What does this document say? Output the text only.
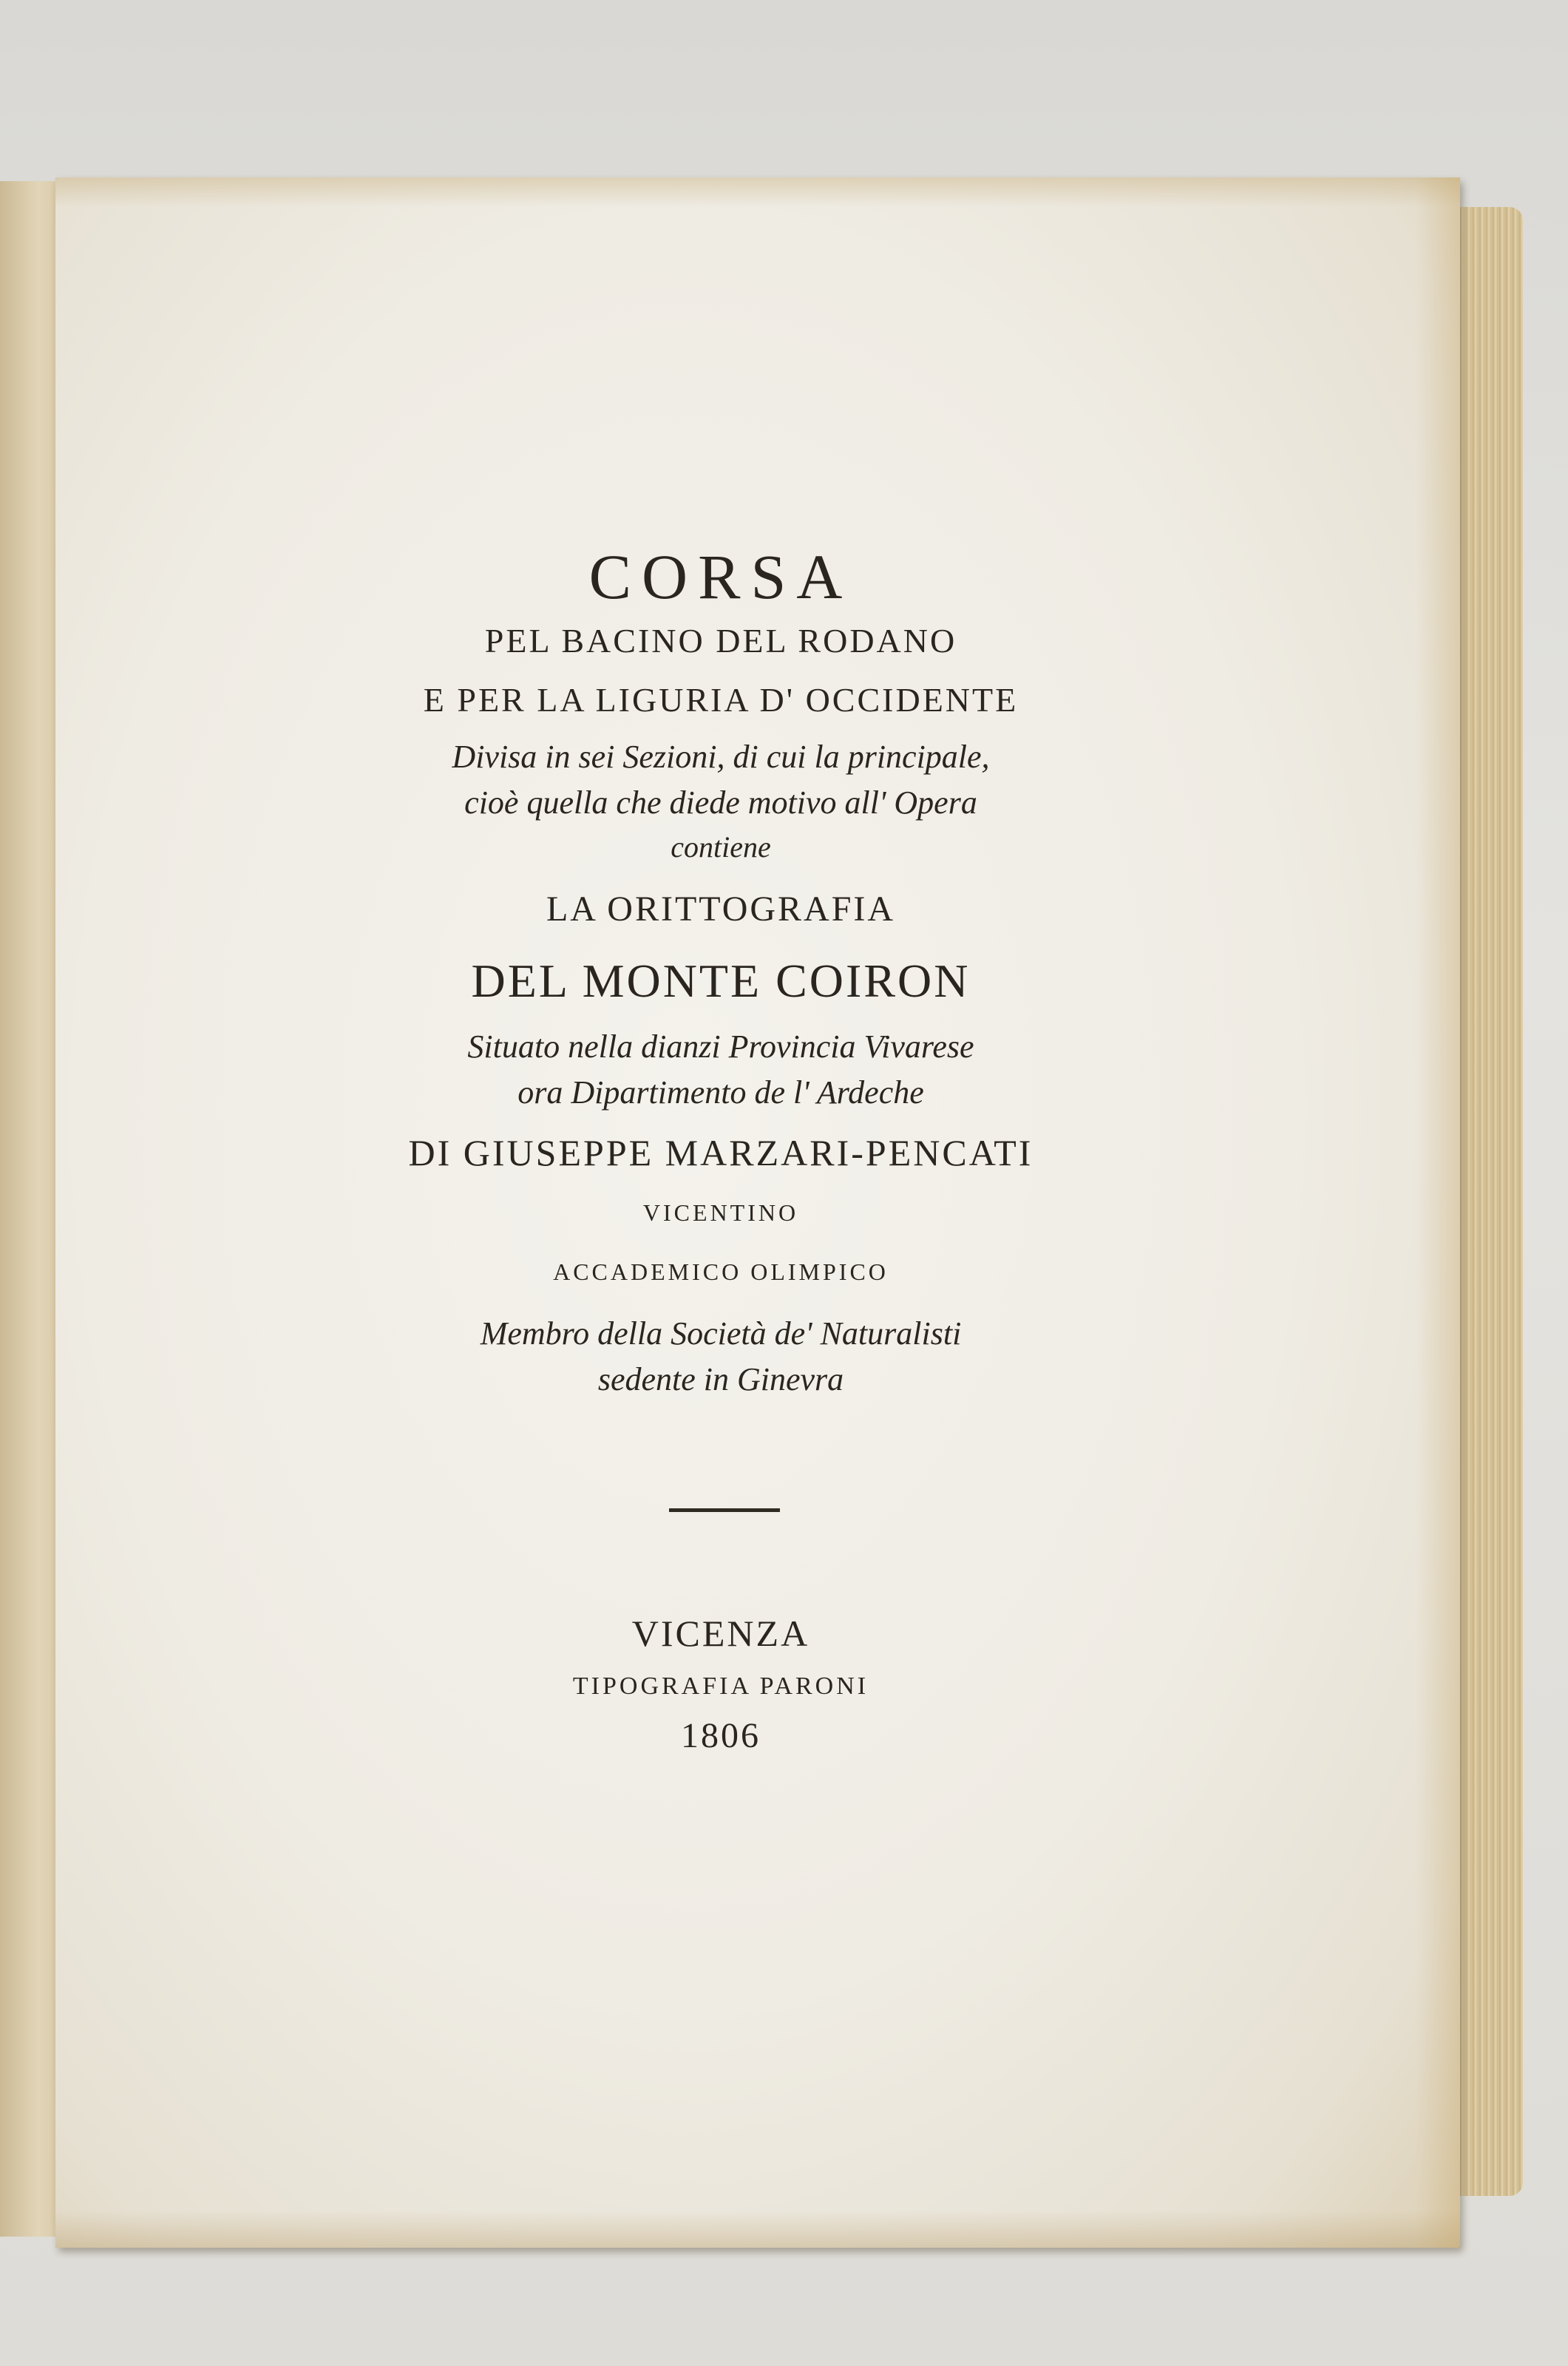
CORSA
PEL BACINO DEL RODANO
E PER LA LIGURIA D' OCCIDENTE
Divisa in sei Sezioni, di cui la principale,
cioè quella che diede motivo all' Opera
contiene
LA ORITTOGRAFIA
DEL MONTE COIRON
Situato nella dianzi Provincia Vivarese
ora Dipartimento de l' Ardeche
DI GIUSEPPE MARZARI-PENCATI
VICENTINO
ACCADEMICO OLIMPICO
Membro della Società de' Naturalisti
sedente in Ginevra
VICENZA
TIPOGRAFIA PARONI
1806
